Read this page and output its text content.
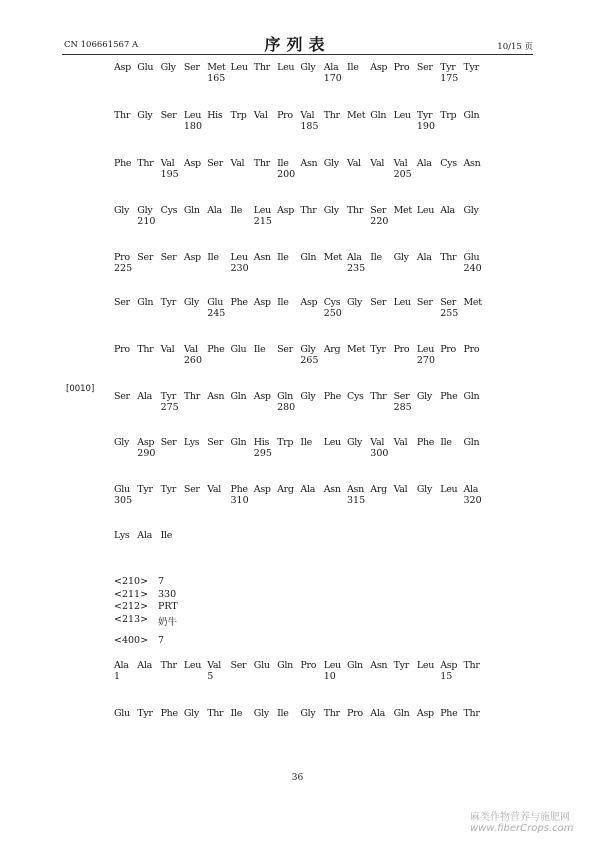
CN 106661567 A	序列表	10/15 页
[0010]
Asp Glu Gly Ser Met Leu Thr Leu Gly Ala Ile Asp Pro Ser Tyr Tyr
165	170	175
Thr Gly Ser Leu His Trp Val Pro Val Thr Met Gln Leu Tyr Trp Gln
180	185	190
Phe Thr Val Asp Ser Val Thr Ile Asn Gly Val Val Val Ala Cys Asn
195	200	205
Gly Gly Cys Gln Ala Ile Leu Asp Thr Gly Thr Ser Met Leu Ala Gly
210	215	220
Pro Ser Ser Asp Ile Leu Asn Ile Gln Met Ala Ile Gly Ala Thr Glu
225	230	235	240
Ser Gln Tyr Gly Glu Phe Asp Ile Asp Cys Gly Ser Leu Ser Ser Met
245	250	255
Pro Thr Val Val Phe Glu Ile Ser Gly Arg Met Tyr Pro Leu Pro Pro
260	265	270
Ser Ala Tyr Thr Asn Gln Asp Gln Gly Phe Cys Thr Ser Gly Phe Gln
275	280	285
Gly Asp Ser Lys Ser Gln His Trp Ile Leu Gly Val Val Phe Ile Gln
290	295	300
Glu Tyr Tyr Ser Val Phe Asp Arg Ala Asn Asn Arg Val Gly Leu Ala
305	310	315	320
Lys Ala Ile
Ala Ala Thr Leu Val Ser Glu Gln Pro Leu Gln Asn Tyr Leu Asp Thr
1	5	10	15
Glu Tyr Phe Gly Thr Ile Gly Ile Gly Thr Pro Ala Gln Asp Phe Thr
<210> 7
<211> 330
<212> PRT
<213> 奶牛
<400> 7
36
麻类作物营养与施肥网
www.fiberCrops.com
